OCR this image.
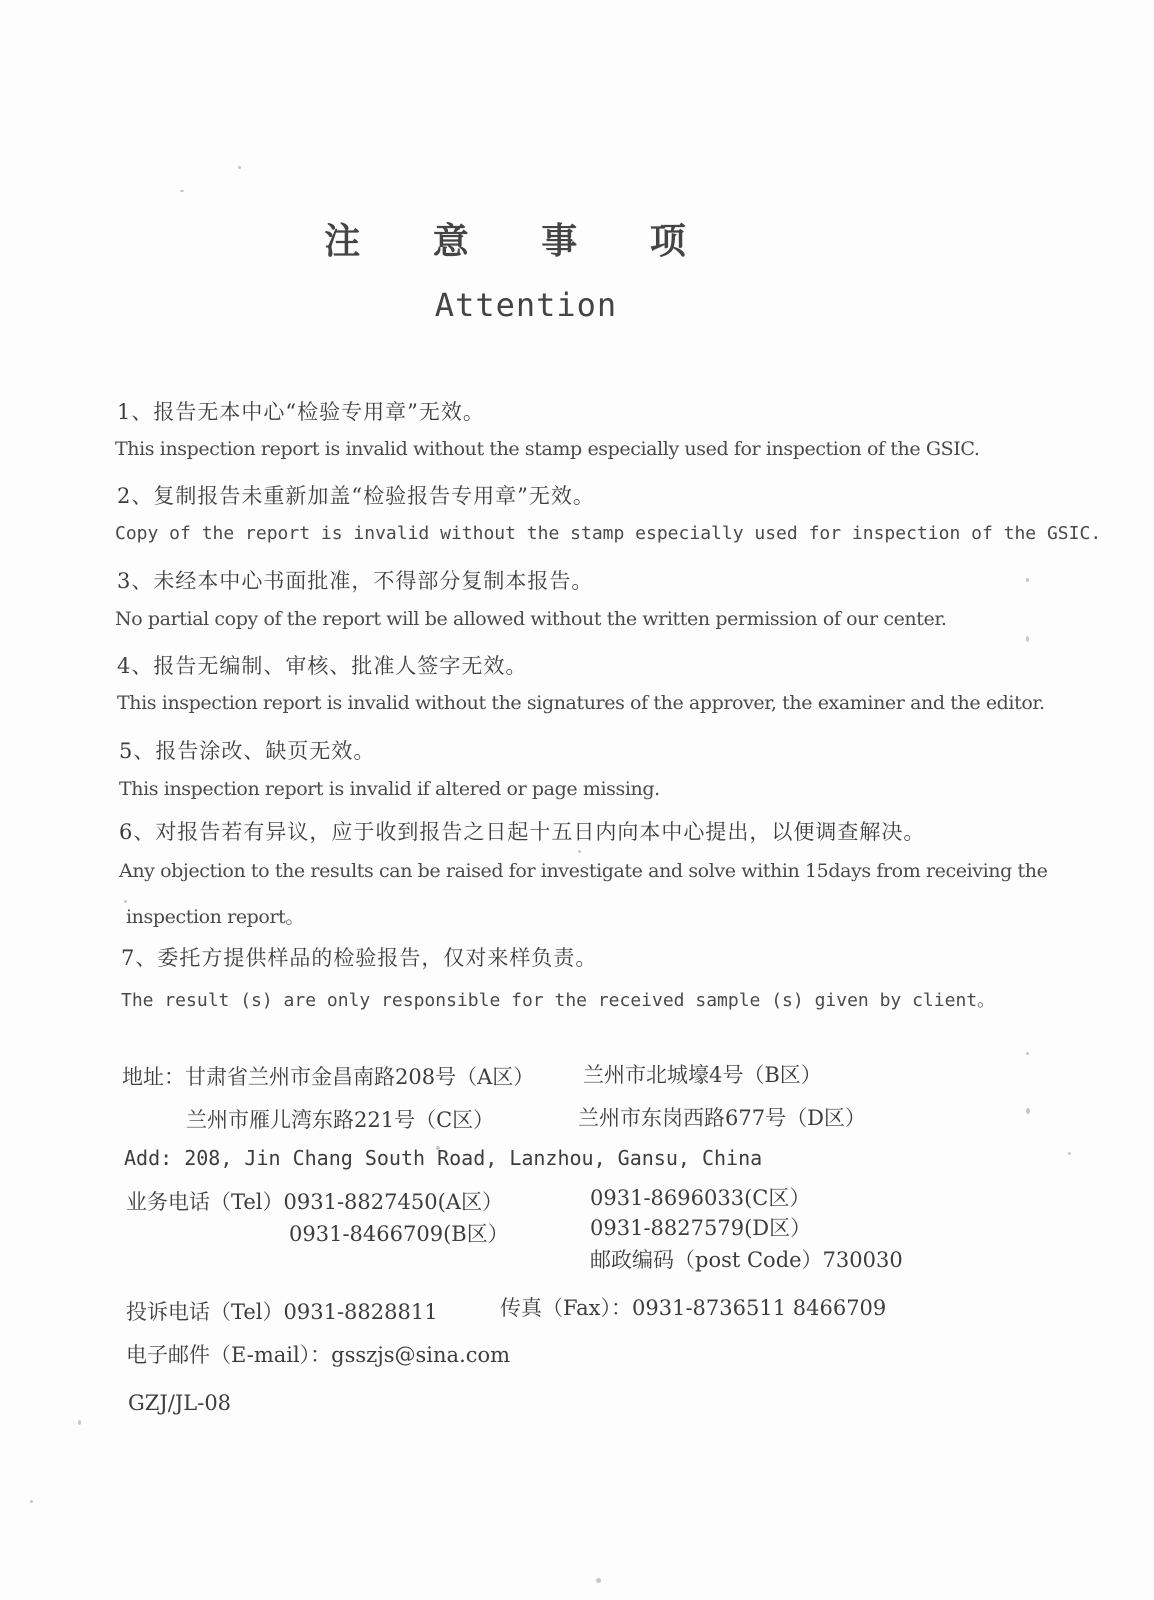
注 意 事 项
Attention
1、报告无本中心“检验专用章”无效。
This inspection report is invalid without the stamp especially used for inspection of the GSIC.
2、复制报告未重新加盖“检验报告专用章”无效。
Copy of the report is invalid without the stamp especially used for inspection of the GSIC.
3、未经本中心书面批准，不得部分复制本报告。
No partial copy of the report will be allowed without the written permission of our center.
4、报告无编制、审核、批准人签字无效。
This inspection report is invalid without the signatures of the approver, the examiner and the editor.
5、报告涂改、缺页无效。
This inspection report is invalid if altered or page missing.
6、对报告若有异议，应于收到报告之日起十五日内向本中心提出，以便调查解决。
Any objection to the results can be raised for investigate and solve within 15days from receiving the
inspection report。
7、委托方提供样品的检验报告，仅对来样负责。
The result (s) are only responsible for the received sample (s) given by client。
地址：甘肃省兰州市金昌南路208号（A区） 兰州市北城壕4号（B区）
兰州市雁儿湾东路221号（C区）	兰州市东岗西路677号（D区）
Add: 208, Jin Chang South Road, Lanzhou, Gansu, China
业务电话（Tel）0931-8827450(A区）
0931-8466709(B区）
0931-8696033(C区）
0931-8827579(D区）
邮政编码（post Code）730030
投诉电话（Tel）0931-8828811	传真（Fax）：0931-8736511 8466709
电子邮件（E-mail）：gsszjs@sina.com
GZJ/JL-08
